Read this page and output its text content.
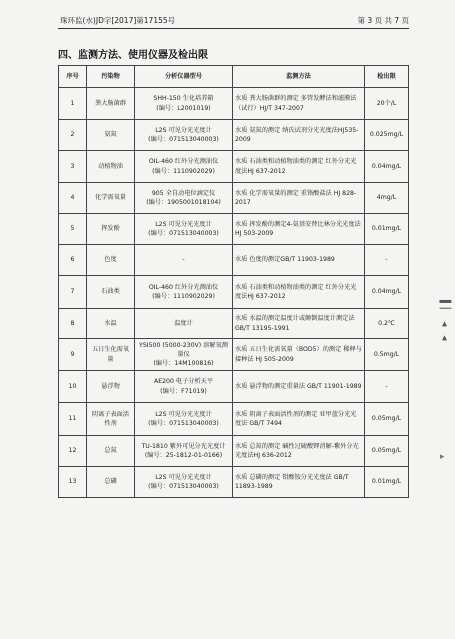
珠环监(水)JD字[2017]第17155号	第 3 页 共 7 页
四、监测方法、使用仪器及检出限
序号	污染物	分析仪器型号	监测方法	检出限
1	粪大肠菌群	SHH-150 生化培养箱
(编号：L2001019)	水质 粪大肠菌群的测定 多管发酵法和滤膜法（试行）HJ/T 347-2007	20个/L
2	氨氮	L2S 可见分光光度计
(编号：071513040003)	水质 氨氮的测定 纳氏试剂分光光度法HJ535-2009	0.025mg/L
3	动植物油	OIL-460 红外分光测油仪
(编号：1110902029)	水质 石油类和动植物油类的测定 红外分光光度法HJ 637-2012	0.04mg/L
4	化学需氧量	905 全自动电位滴定仪
(编号：1905001018104)	水质 化学需氧量的测定 重铬酸盐法 HJ 828-2017	4mg/L
5	挥发酚	L2S 可见分光光度计
(编号：071513040003)	水质 挥发酚的测定4-氨基安替比林分光光度法HJ 503-2009	0.01mg/L
6	色度	-	水质 色度的测定GB/T 11903-1989	-
7	石油类	OIL-460 红外分光测油仪
(编号：1110902029)	水质 石油类和动植物油类的测定 红外分光光度法HJ 637-2012	0.04mg/L
8	水温	温度计	水质 水温的测定温度计或颠倒温度计测定法GB/T 13195-1991	0.2℃
9	五日生化需氧量	YSI500 (5000-230V) 溶解氧测量仪
(编号：14M100816)	水质 五日生化需氧量（BOD5）的测定 稀释与接种法 HJ 505-2009	0.5mg/L
10	悬浮物	AE200 电子分析天平
(编号：F71019)	水质 悬浮物的测定重量法 GB/T 11901-1989	-
11	阴离子表面活性剂	L2S 可见分光光度计
(编号：071513040003)	水质 阴离子表面活性剂的测定 亚甲蓝分光光度法 GB/T 7494	0.05mg/L
12	总氮	TU-1810 紫外可见分光光度计
(编号：25-1812-01-0166)	水质 总氮的测定 碱性过硫酸钾消解-紫外分光光度法HJ 636-2012	0.05mg/L
13	总磷	L2S 可见分光光度计
(编号：071513040003)	水质 总磷的测定 钼酸铵分光光度法 GB/T 11893-1989	0.01mg/L
▍▏ ▴ ▴
▸
